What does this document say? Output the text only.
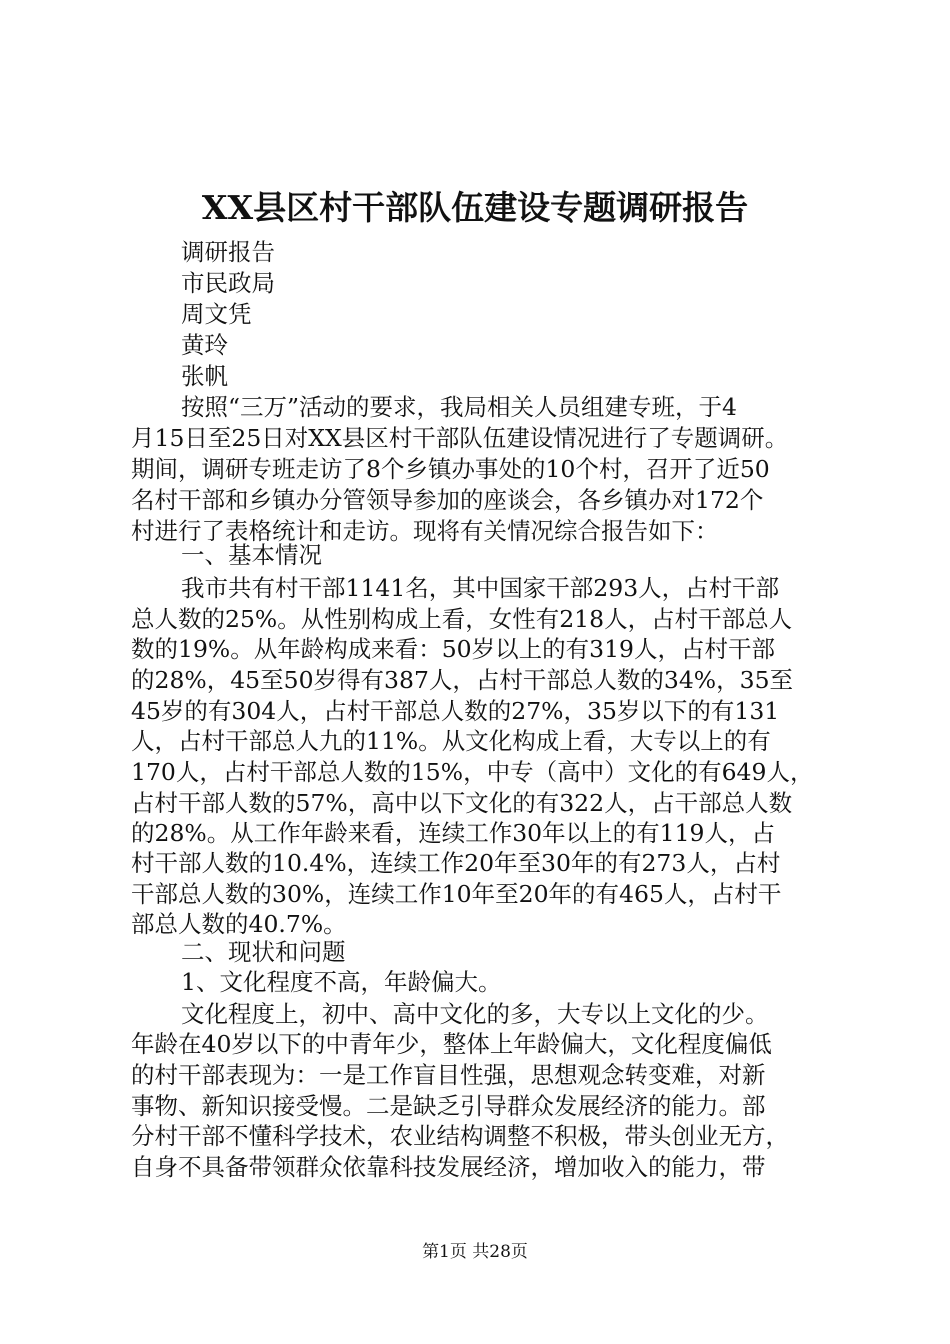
XX县区村干部队伍建设专题调研报告
调研报告
市民政局
周文凭
黄玲
张帆
按照“三万”活动的要求，我局相关人员组建专班，于4
月15日至25日对XX县区村干部队伍建设情况进行了专题调研。
期间，调研专班走访了8个乡镇办事处的10个村，召开了近50
名村干部和乡镇办分管领导参加的座谈会，各乡镇办对172个
村进行了表格统计和走访。现将有关情况综合报告如下：
一、基本情况
我市共有村干部1141名，其中国家干部293人，占村干部
总人数的25%。从性别构成上看，女性有218人，占村干部总人
数的19%。从年龄构成来看：50岁以上的有319人，占村干部
的28%，45至50岁得有387人，占村干部总人数的34%，35至
45岁的有304人，占村干部总人数的27%，35岁以下的有131
人，占村干部总人九的11%。从文化构成上看，大专以上的有
170人，占村干部总人数的15%，中专（高中）文化的有649人，
占村干部人数的57%，高中以下文化的有322人，占干部总人数
的28%。从工作年龄来看，连续工作30年以上的有119人，占
村干部人数的10.4%，连续工作20年至30年的有273人，占村
干部总人数的30%，连续工作10年至20年的有465人，占村干
部总人数的40.7%。
二、现状和问题
1、文化程度不高，年龄偏大。
文化程度上，初中、高中文化的多，大专以上文化的少。
年龄在40岁以下的中青年少，整体上年龄偏大，文化程度偏低
的村干部表现为：一是工作盲目性强，思想观念转变难，对新
事物、新知识接受慢。二是缺乏引导群众发展经济的能力。部
分村干部不懂科学技术，农业结构调整不积极，带头创业无方，
自身不具备带领群众依靠科技发展经济，增加收入的能力，带
第1页 共28页
